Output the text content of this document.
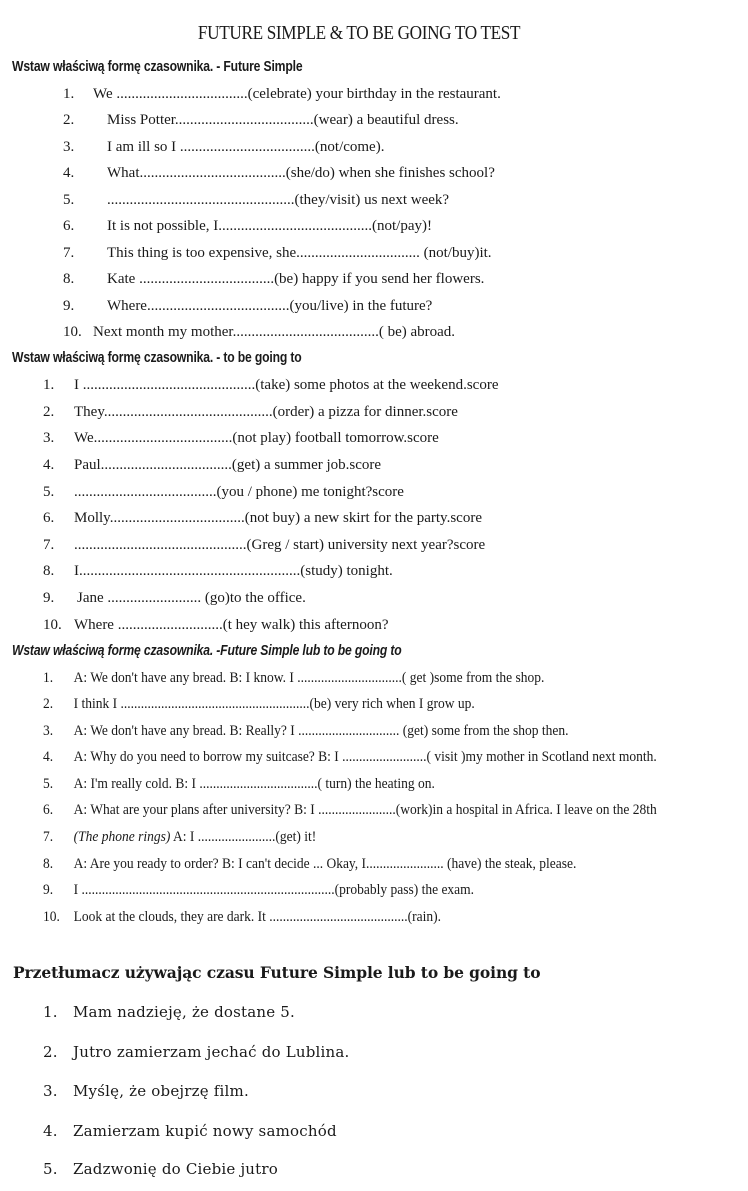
FUTURE SIMPLE & TO BE GOING TO TEST
Wstaw właściwą formę czasownika. - Future Simple
1. We ...................................(celebrate) your birthday in the restaurant.
2. Miss Potter.....................................(wear) a beautiful dress.
3. I am ill so I ....................................(not/come).
4. What.......................................(she/do) when she finishes school?
5. ..................................................(they/visit) us next week?
6. It is not possible, I.........................................(not/pay)!
7. This thing is too expensive, she................................. (not/buy)it.
8. Kate ....................................(be) happy if you send her flowers.
9. Where......................................(you/live) in the future?
10. Next month my mother.......................................( be) abroad.
Wstaw właściwą formę czasownika. - to be going to
1. I ..............................................(take) some photos at the weekend.score
2. They.............................................(order) a pizza for dinner.score
3. We.....................................(not play) football tomorrow.score
4. Paul...................................(get) a summer job.score
5. ......................................(you / phone) me tonight?score
6. Molly....................................(not buy) a new skirt for the party.score
7. ..............................................(Greg / start) university next year?score
8. I...........................................................(study) tonight.
9. Jane ......................... (go)to the office.
10. Where ............................(t hey walk) this afternoon?
Wstaw właściwą formę czasownika. -Future Simple lub to be going to
1. A: We don't have any bread. B: I know. I ...............................( get )some from the shop.
2. I think I ........................................................(be) very rich when I grow up.
3. A: We don't have any bread. B: Really? I .............................. (get) some from the shop then.
4. A: Why do you need to borrow my suitcase? B: I .........................( visit )my mother in Scotland next month.
5. A: I'm really cold. B: I ...................................( turn) the heating on.
6. A: What are your plans after university? B: I .......................(work)in a hospital in Africa. I leave on the 28th
7. (The phone rings) A: I .......................(get) it!
8. A: Are you ready to order? B: I can't decide ... Okay, I....................... (have) the steak, please.
9. I ...........................................................................(probably pass) the exam.
10. Look at the clouds, they are dark. It .........................................(rain).
Przetłumacz używając czasu Future Simple lub to be going to
1. Mam nadzieję, że dostane 5.
2. Jutro zamierzam jechać do Lublina.
3. Myślę, że obejrzę film.
4. Zamierzam kupić nowy samochód
5. Zadzwonię do Ciebie jutro
